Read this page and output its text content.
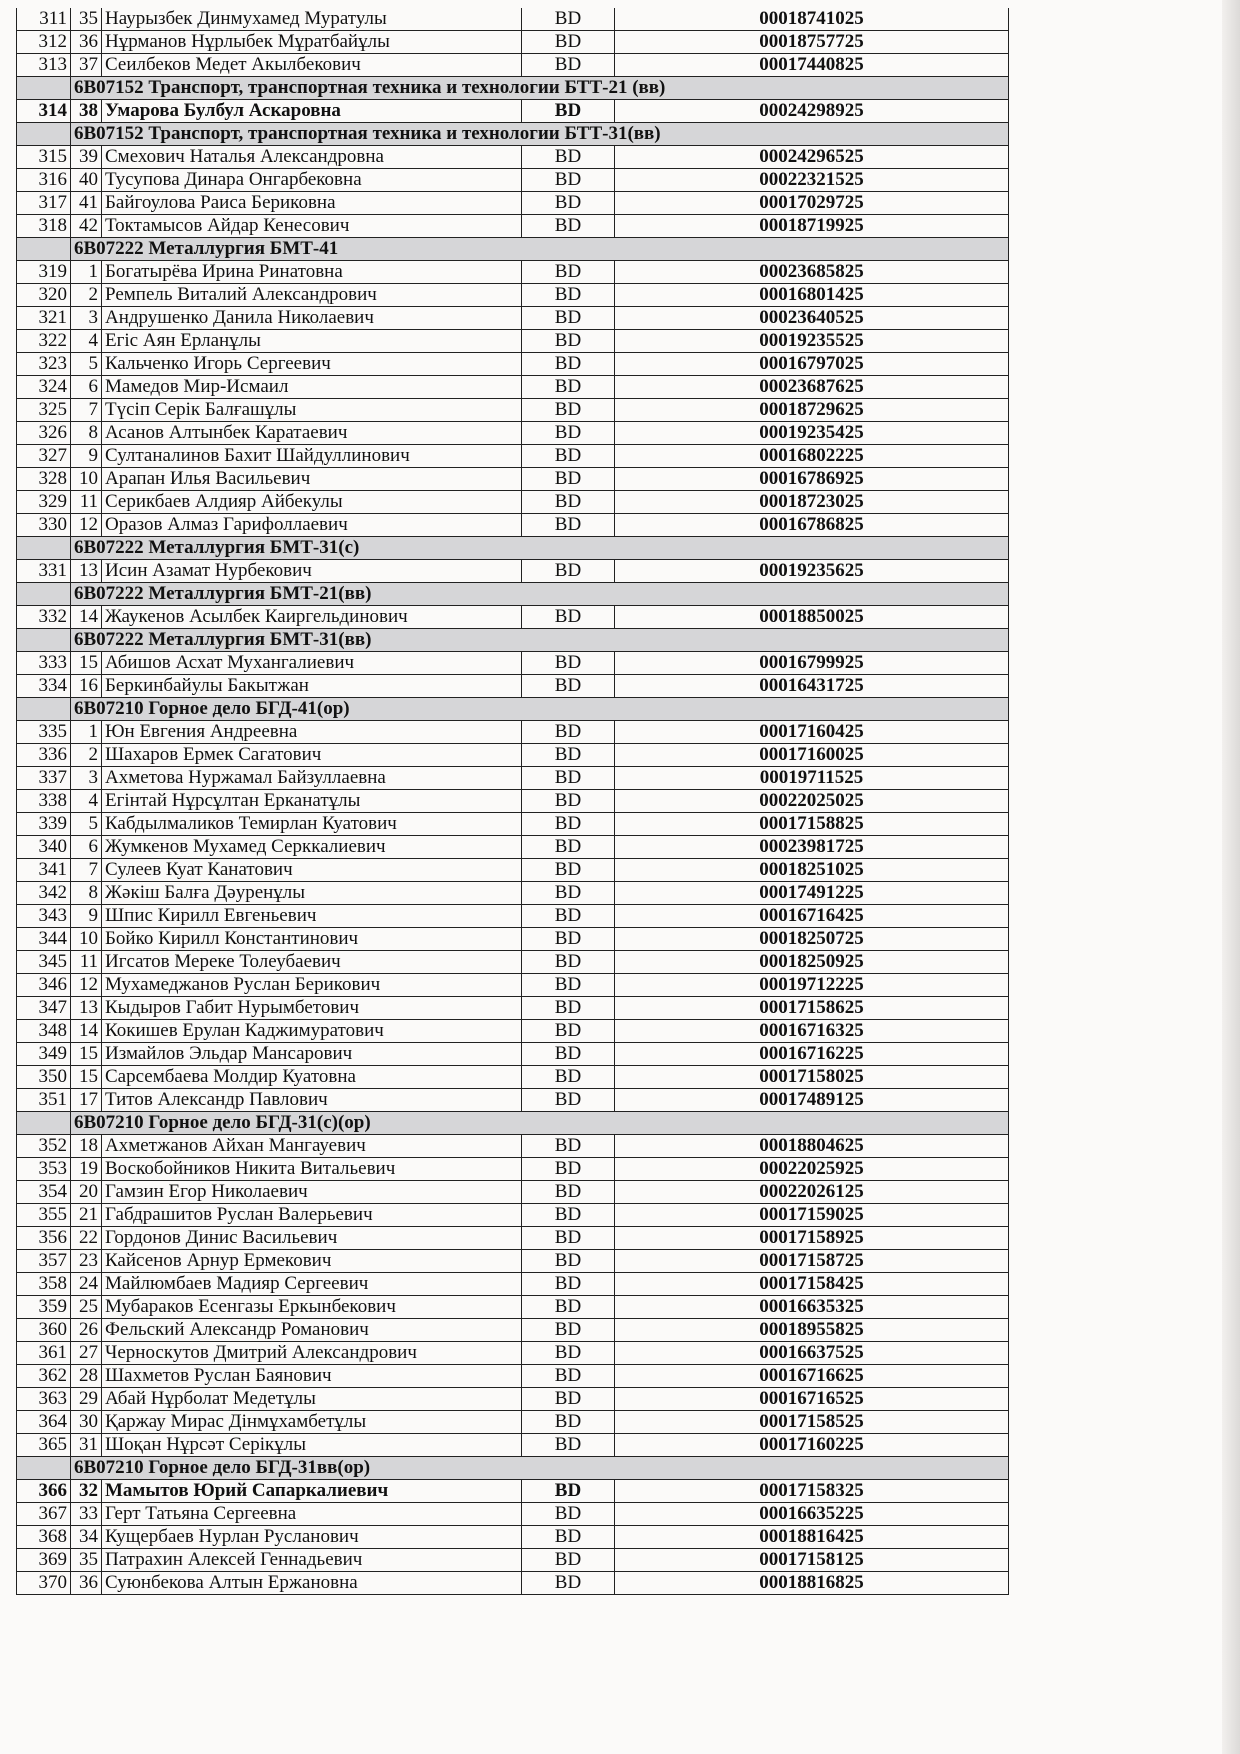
311	35	Наурызбек Динмухамед Муратулы	BD	00018741025
312	36	Нұрманов Нұрлыбек Мұратбайұлы	BD	00018757725
313	37	Сеилбеков Медет Акылбекович	BD	00017440825
	6В07152 Транспорт, транспортная техника и технологии БТТ-21 (вв)			
314	38	Умарова Булбул Аскаровна	BD	00024298925
	6В07152 Транспорт, транспортная техника и технологии БТТ-31(вв)			
315	39	Смехович Наталья Александровна	BD	00024296525
316	40	Тусупова Динара Онгарбековна	BD	00022321525
317	41	Байгоулова Раиса Бериковна	BD	00017029725
318	42	Токтамысов Айдар Кенесович	BD	00018719925
	6В07222 Металлургия БМТ-41			
319	1	Богатырёва Ирина Ринатовна	BD	00023685825
320	2	Ремпель Виталий Александрович	BD	00016801425
321	3	Андрушенко Данила Николаевич	BD	00023640525
322	4	Егіс Аян Ерланұлы	BD	00019235525
323	5	Кальченко Игорь Сергеевич	BD	00016797025
324	6	Мамедов Мир-Исмаил	BD	00023687625
325	7	Түсіп Серік Балғашұлы	BD	00018729625
326	8	Асанов Алтынбек Каратаевич	BD	00019235425
327	9	Султаналинов Бахит Шайдуллинович	BD	00016802225
328	10	Арапан Илья Васильевич	BD	00016786925
329	11	Серикбаев Алдияр Айбекулы	BD	00018723025
330	12	Оразов Алмаз Гарифоллаевич	BD	00016786825
	6В07222 Металлургия БМТ-31(с)			
331	13	Исин Азамат Нурбекович	BD	00019235625
	6В07222 Металлургия БМТ-21(вв)			
332	14	Жаукенов Асылбек Каиргельдинович	BD	00018850025
	6В07222 Металлургия БМТ-31(вв)			
333	15	Абишов Асхат Мухангалиевич	BD	00016799925
334	16	Беркинбайулы Бакытжан	BD	00016431725
	6В07210 Горное дело БГД-41(ор)			
335	1	Юн Евгения Андреевна	BD	00017160425
336	2	Шахаров Ермек Сагатович	BD	00017160025
337	3	Ахметова Нуржамал Байзуллаевна	BD	00019711525
338	4	Егінтай Нұрсұлтан Ерканатұлы	BD	00022025025
339	5	Кабдылмаликов Темирлан Куатович	BD	00017158825
340	6	Жумкенов Мухамед Серккалиевич	BD	00023981725
341	7	Сулеев Куат Канатович	BD	00018251025
342	8	Жәкіш Балға Дәуренұлы	BD	00017491225
343	9	Шпис Кирилл Евгеньевич	BD	00016716425
344	10	Бойко Кирилл Константинович	BD	00018250725
345	11	Игсатов Мереке Толеубаевич	BD	00018250925
346	12	Мухамеджанов Руслан Берикович	BD	00019712225
347	13	Кыдыров Габит Нурымбетович	BD	00017158625
348	14	Кокишев Ерулан Каджимуратович	BD	00016716325
349	15	Измайлов Эльдар Мансарович	BD	00016716225
350	15	Сарсембаева Молдир Куатовна	BD	00017158025
351	17	Титов Александр Павлович	BD	00017489125
	6В07210 Горное дело БГД-31(с)(ор)			
352	18	Ахметжанов Айхан Мангауевич	BD	00018804625
353	19	Воскобойников Никита Витальевич	BD	00022025925
354	20	Гамзин Егор Николаевич	BD	00022026125
355	21	Габдрашитов Руслан Валерьевич	BD	00017159025
356	22	Гордонов Динис Васильевич	BD	00017158925
357	23	Кайсенов Арнур Ермекович	BD	00017158725
358	24	Майлюмбаев Мадияр Сергеевич	BD	00017158425
359	25	Мубараков Есенгазы Еркынбекович	BD	00016635325
360	26	Фельский Александр Романович	BD	00018955825
361	27	Черноскутов Дмитрий Александрович	BD	00016637525
362	28	Шахметов Руслан Баянович	BD	00016716625
363	29	Абай Нұрболат Медетұлы	BD	00016716525
364	30	Қаржау Мирас Дінмұхамбетұлы	BD	00017158525
365	31	Шоқан Нұрсәт Серікұлы	BD	00017160225
	6В07210 Горное дело БГД-31вв(ор)			
366	32	Мамытов Юрий Сапаркалиевич	BD	00017158325
367	33	Герт Татьяна Сергеевна	BD	00016635225
368	34	Кущербаев Нурлан Русланович	BD	00018816425
369	35	Патрахин Алексей Геннадьевич	BD	00017158125
370	36	Суюнбекова Алтын Ержановна	BD	00018816825
